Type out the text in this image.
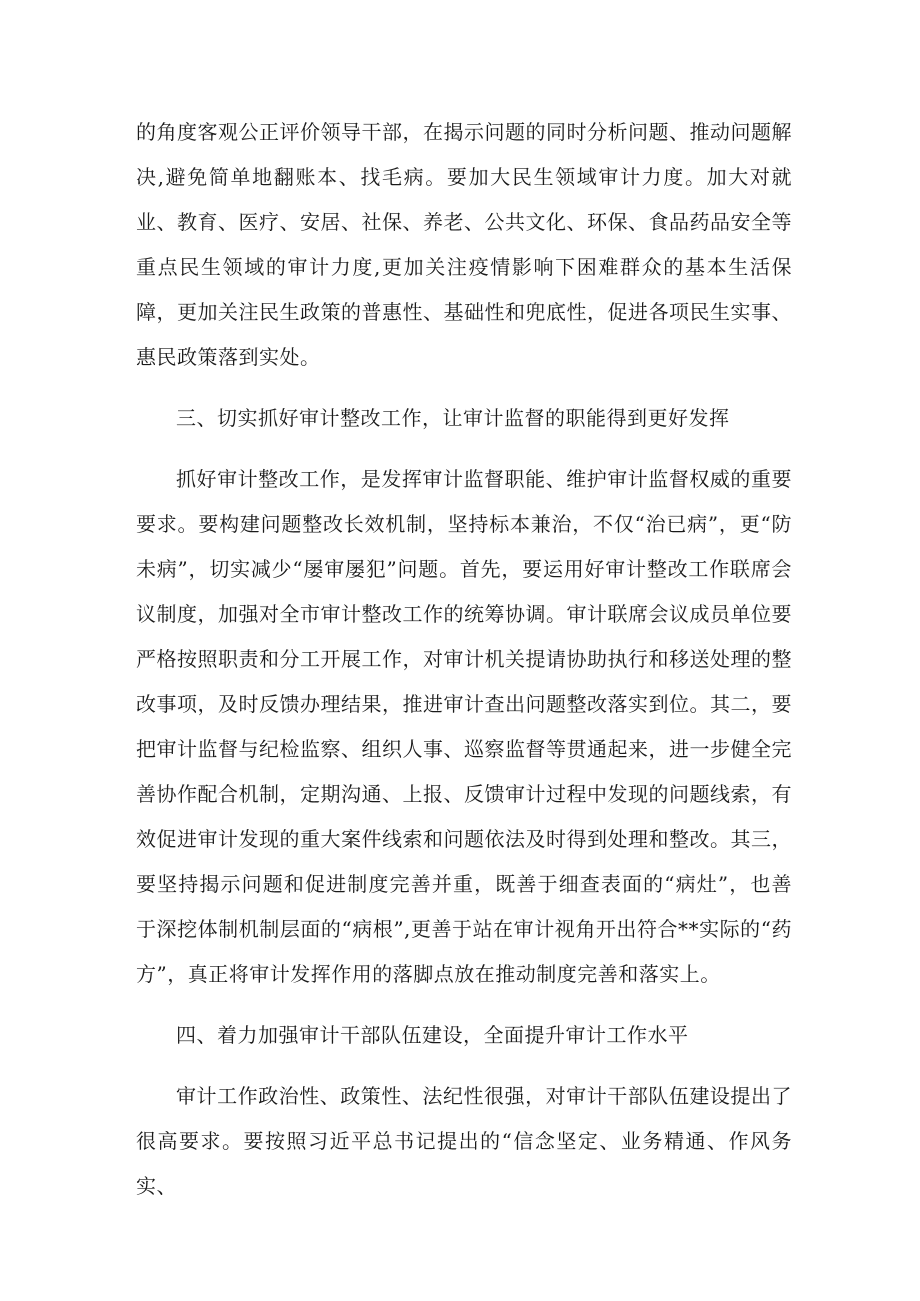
的角度客观公正评价领导干部，在揭示问题的同时分析问题、推动问题解决,避免简单地翻账本、找毛病。要加大民生领域审计力度。加大对就业、教育、医疗、安居、社保、养老、公共文化、环保、食品药品安全等重点民生领域的审计力度,更加关注疫情影响下困难群众的基本生活保障，更加关注民生政策的普惠性、基础性和兜底性，促进各项民生实事、惠民政策落到实处。

三、切实抓好审计整改工作，让审计监督的职能得到更好发挥

抓好审计整改工作，是发挥审计监督职能、维护审计监督权威的重要要求。要构建问题整改长效机制，坚持标本兼治，不仅“治已病”，更“防未病”，切实减少“屡审屡犯”问题。首先，要运用好审计整改工作联席会议制度，加强对全市审计整改工作的统筹协调。审计联席会议成员单位要严格按照职责和分工开展工作，对审计机关提请协助执行和移送处理的整改事项，及时反馈办理结果，推进审计查出问题整改落实到位。其二，要把审计监督与纪检监察、组织人事、巡察监督等贯通起来，进一步健全完善协作配合机制，定期沟通、上报、反馈审计过程中发现的问题线索，有效促进审计发现的重大案件线索和问题依法及时得到处理和整改。其三，要坚持揭示问题和促进制度完善并重，既善于细查表面的“病灶”，也善于深挖体制机制层面的“病根”,更善于站在审计视角开出符合**实际的“药方”，真正将审计发挥作用的落脚点放在推动制度完善和落实上。

四、着力加强审计干部队伍建设，全面提升审计工作水平

审计工作政治性、政策性、法纪性很强，对审计干部队伍建设提出了很高要求。要按照习近平总书记提出的“信念坚定、业务精通、作风务实、
